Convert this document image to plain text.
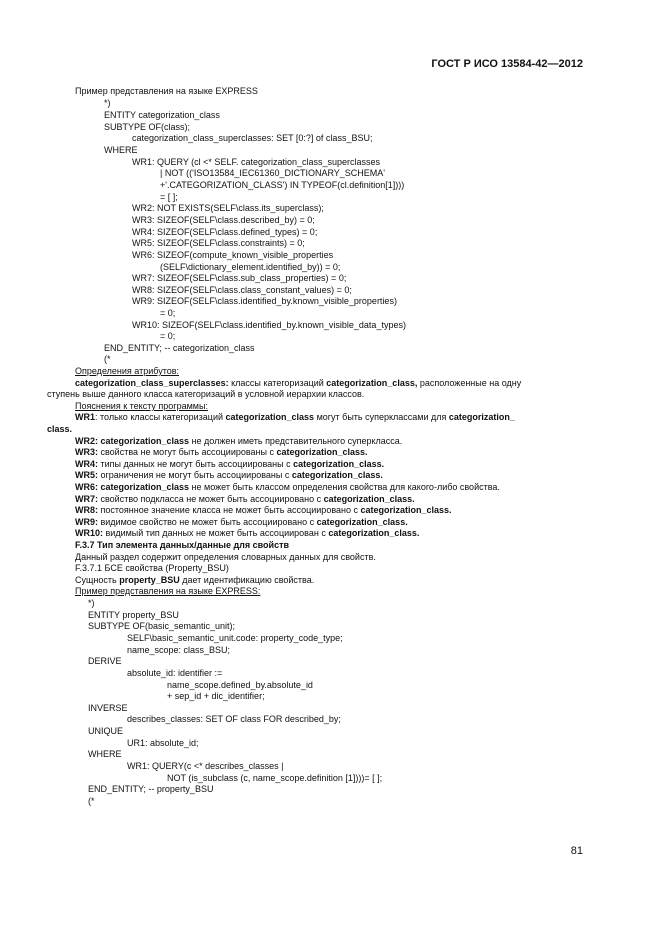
ГОСТ Р ИСО 13584-42—2012
Пример представления на языке EXPRESS
*)
ENTITY categorization_class
SUBTYPE OF(class);
categorization_class_superclasses: SET [0:?] of class_BSU;
WHERE
WR1: QUERY (cl <* SELF. categorization_class_superclasses
| NOT (('ISO13584_IEC61360_DICTIONARY_SCHEMA'
+'.CATEGORIZATION_CLASS') IN TYPEOF(cl.definition[1])))
= [ ];
WR2: NOT EXISTS(SELF\class.its_superclass);
WR3: SIZEOF(SELF\class.described_by) = 0;
WR4: SIZEOF(SELF\class.defined_types) = 0;
WR5: SIZEOF(SELF\class.constraints) = 0;
WR6: SIZEOF(compute_known_visible_properties
(SELF\dictionary_element.identified_by)) = 0;
WR7: SIZEOF(SELF\class.sub_class_properties) = 0;
WR8: SIZEOF(SELF\class.class_constant_values) = 0;
WR9: SIZEOF(SELF\class.identified_by.known_visible_properties)
= 0;
WR10: SIZEOF(SELF\class.identified_by.known_visible_data_types)
= 0;
END_ENTITY; -- categorization_class
(*
Определения атрибутов:
categorization_class_superclasses: классы категоризаций categorization_class, расположенные на одну
ступень выше данного класса категоризаций в условной иерархии классов.
Пояснения к тексту программы:
WR1: только классы категоризаций categorization_class могут быть суперклассами для categorization_
class.
WR2: categorization_class не должен иметь представительного суперкласса.
WR3: свойства не могут быть ассоциированы с categorization_class.
WR4: типы данных не могут быть ассоциированы с categorization_class.
WR5: ограничения не могут быть ассоциированы с categorization_class.
WR6: categorization_class не может быть классом определения свойства для какого-либо свойства.
WR7: свойство подкласса не может быть ассоциировано с categorization_class.
WR8: постоянное значение класса не может быть ассоциировано с categorization_class.
WR9: видимое свойство не может быть ассоциировано с categorization_class.
WR10: видимый тип данных не может быть ассоциирован с categorization_class.
F.3.7 Тип элемента данных/данные для свойств
Данный раздел содержит определения словарных данных для свойств.
F.3.7.1 БСЕ свойства (Property_BSU)
Сущность property_BSU дает идентификацию свойства.
Пример представления на языке EXPRESS:
*)
ENTITY property_BSU
SUBTYPE OF(basic_semantic_unit);
SELF\basic_semantic_unit.code: property_code_type;
name_scope: class_BSU;
DERIVE
absolute_id: identifier :=
name_scope.defined_by.absolute_id
+ sep_id + dic_identifier;
INVERSE
describes_classes: SET OF class FOR described_by;
UNIQUE
UR1: absolute_id;
WHERE
WR1: QUERY(c <* describes_classes |
NOT (is_subclass (c, name_scope.definition [1])))= [ ];
END_ENTITY; -- property_BSU
(*
81
